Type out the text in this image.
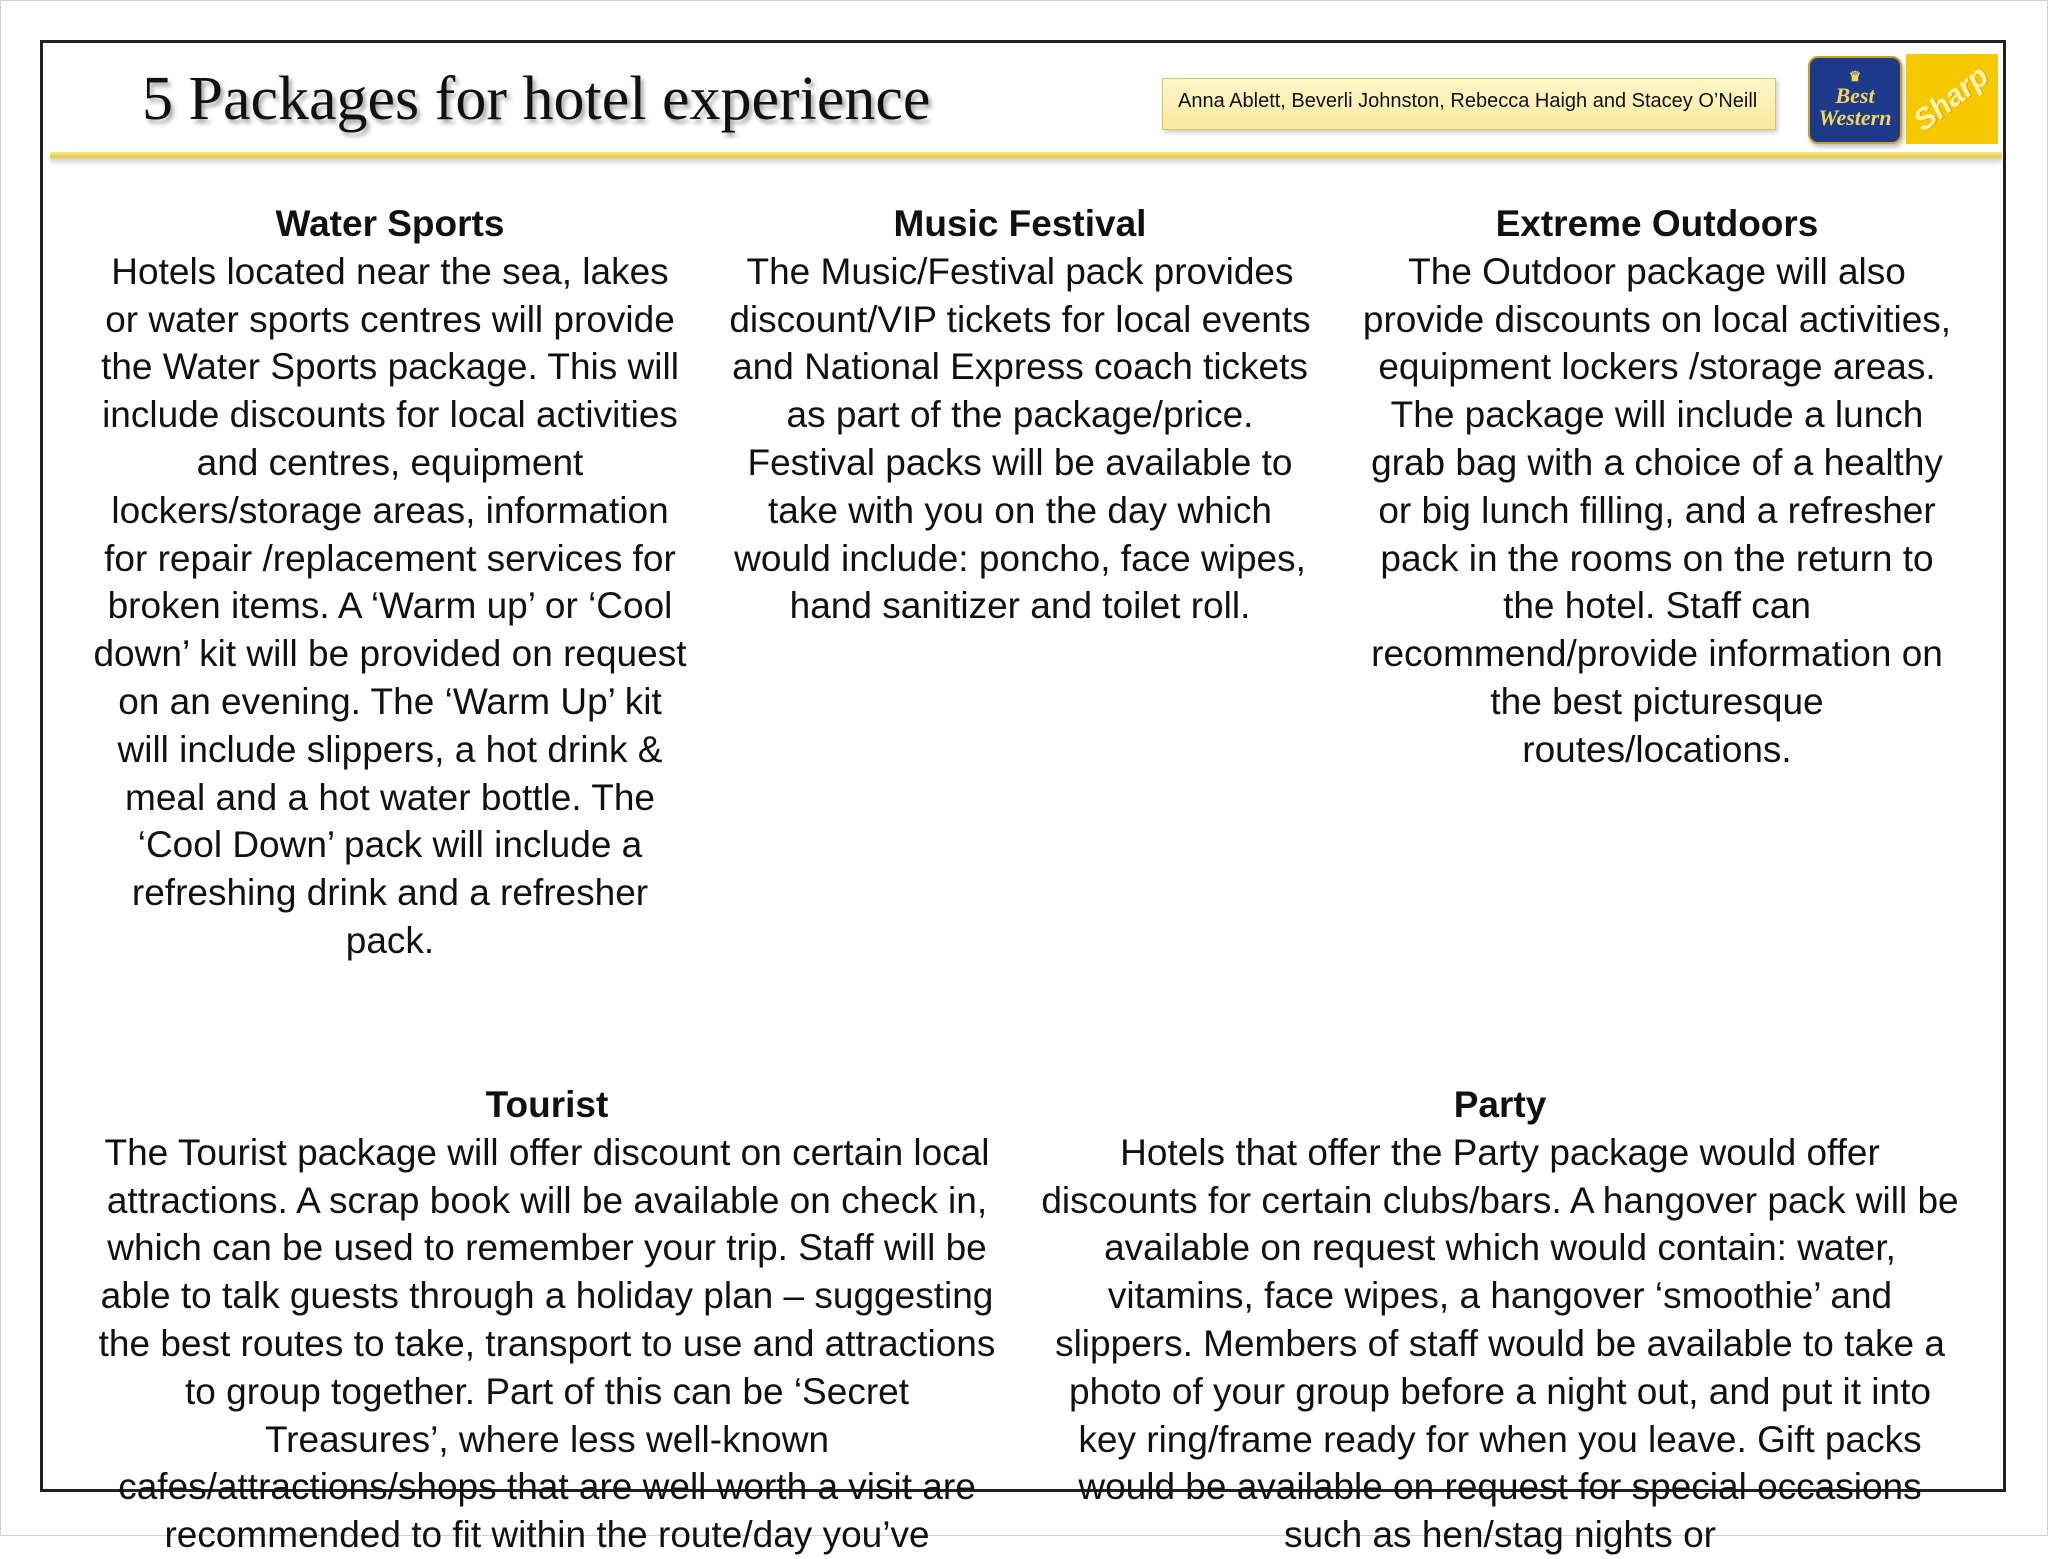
5 Packages for hotel experience	Anna Ablett, Beverli Johnston, Rebecca Haigh and Stacey O’Neill
♛
Best
Western Sharp
Water Sports

Hotels located near the sea, lakes or water sports centres will provide the Water Sports package. This will include discounts for local activities and centres, equipment lockers/storage areas, information for repair /replacement services for broken items. A ‘Warm up’ or ‘Cool down’ kit will be provided on request on an evening. The ‘Warm Up’ kit will include slippers, a hot drink & meal and a hot water bottle. The ‘Cool Down’ pack will include a refreshing drink and a refresher pack.

Music Festival

The Music/Festival pack provides discount/VIP tickets for local events and National Express coach tickets as part of the package/price. Festival packs will be available to take with you on the day which would include: poncho, face wipes, hand sanitizer and toilet roll.

Extreme Outdoors

The Outdoor package will also provide discounts on local activities, equipment lockers /storage areas. The package will include a lunch grab bag with a choice of a healthy or big lunch filling, and a refresher pack in the rooms on the return to the hotel. Staff can recommend/provide information on the best picturesque routes/locations.

Tourist

The Tourist package will offer discount on certain local attractions. A scrap book will be available on check in, which can be used to remember your trip. Staff will be able to talk guests through a holiday plan – suggesting the best routes to take, transport to use and attractions to group together. Part of this can be ‘Secret Treasures’, where less well-known cafes/attractions/shops that are well worth a visit are recommended to fit within the route/day you’ve

Party

Hotels that offer the Party package would offer discounts for certain clubs/bars. A hangover pack will be available on request which would contain: water, vitamins, face wipes, a hangover ‘smoothie’ and slippers. Members of staff would be available to take a photo of your group before a night out, and put it into key ring/frame ready for when you leave. Gift packs would be available on request for special occasions such as hen/stag nights or
